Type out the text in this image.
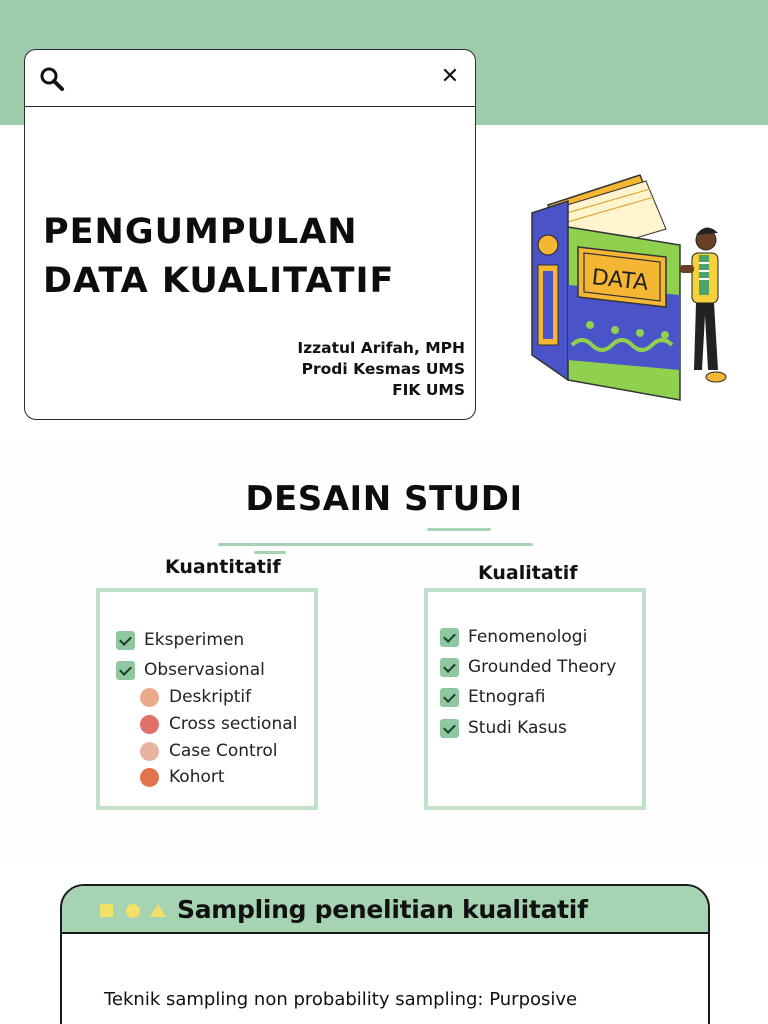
✕
PENGUMPULAN
DATA KUALITATIF
Izzatul Arifah, MPH
Prodi Kesmas UMS
FIK UMS
DATA
DESAIN STUDI
Kuantitatif	Kualitatif
Eksperimen
Observasional
Deskriptif
Cross sectional
Case Control
Kohort
Fenomenologi
Grounded Theory
Etnografi
Studi Kasus
Sampling penelitian kualitatif
Teknik sampling non probability sampling: Purposive
